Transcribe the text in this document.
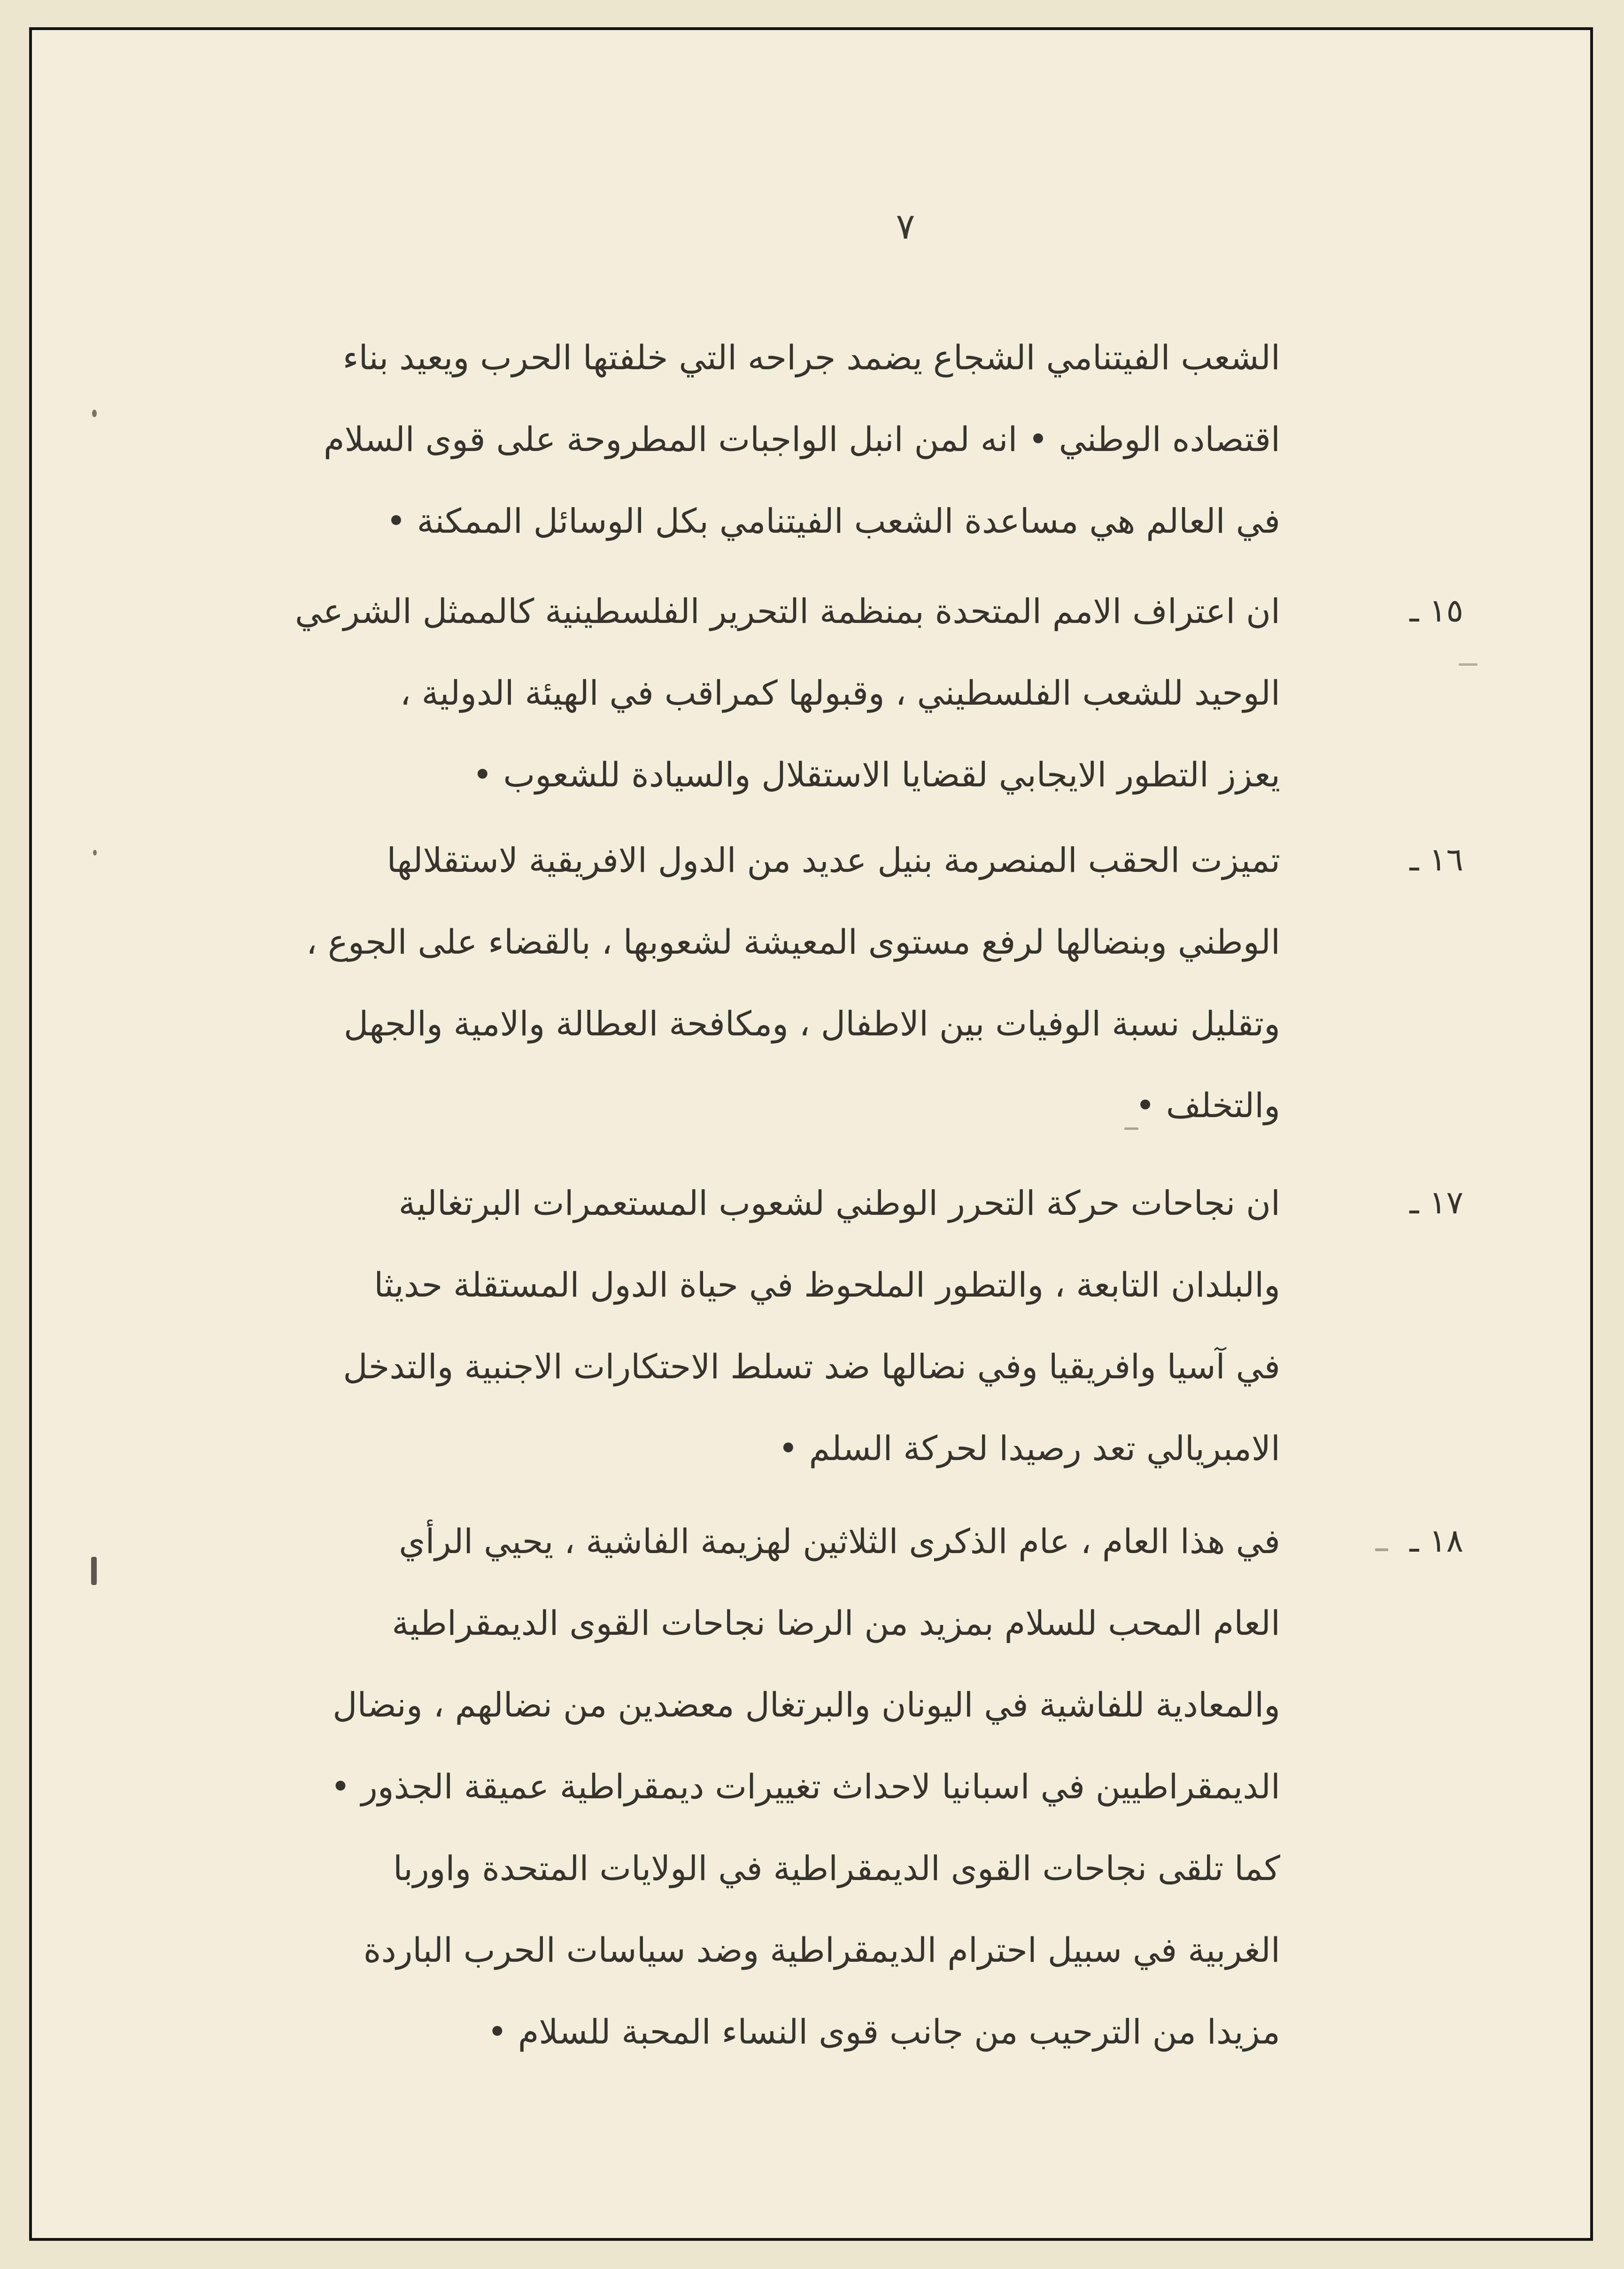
٧
الشعب الفيتنامي الشجاع يضمد جراحه التي خلفتها الحرب ويعيد بناء
اقتصاده الوطني • انه لمن انبل الواجبات المطروحة على قوى السلام
في العالم هي مساعدة الشعب الفيتنامي بكل الوسائل الممكنة •
١٥ ـ
ان اعتراف الامم المتحدة بمنظمة التحرير الفلسطينية كالممثل الشرعي
الوحيد للشعب الفلسطيني ، وقبولها كمراقب في الهيئة الدولية ،
يعزز التطور الايجابي لقضايا الاستقلال والسيادة للشعوب •
١٦ ـ
تميزت الحقب المنصرمة بنيل عديد من الدول الافريقية لاستقلالها
الوطني وبنضالها لرفع مستوى المعيشة لشعوبها ، بالقضاء على الجوع ،
وتقليل نسبة الوفيات بين الاطفال ، ومكافحة العطالة والامية والجهل
والتخلف •
١٧ ـ
ان نجاحات حركة التحرر الوطني لشعوب المستعمرات البرتغالية
والبلدان التابعة ، والتطور الملحوظ في حياة الدول المستقلة حديثا
في آسيا وافريقيا وفي نضالها ضد تسلط الاحتكارات الاجنبية والتدخل
الامبريالي تعد رصيدا لحركة السلم •
١٨ ـ
في هذا العام ، عام الذكرى الثلاثين لهزيمة الفاشية ، يحيي الرأي
العام المحب للسلام بمزيد من الرضا نجاحات القوى الديمقراطية
والمعادية للفاشية في اليونان والبرتغال معضدين من نضالهم ، ونضال
الديمقراطيين في اسبانيا لاحداث تغييرات ديمقراطية عميقة الجذور •
كما تلقى نجاحات القوى الديمقراطية في الولايات المتحدة واوربا
الغربية في سبيل احترام الديمقراطية وضد سياسات الحرب الباردة
مزيدا من الترحيب من جانب قوى النساء المحبة للسلام •
